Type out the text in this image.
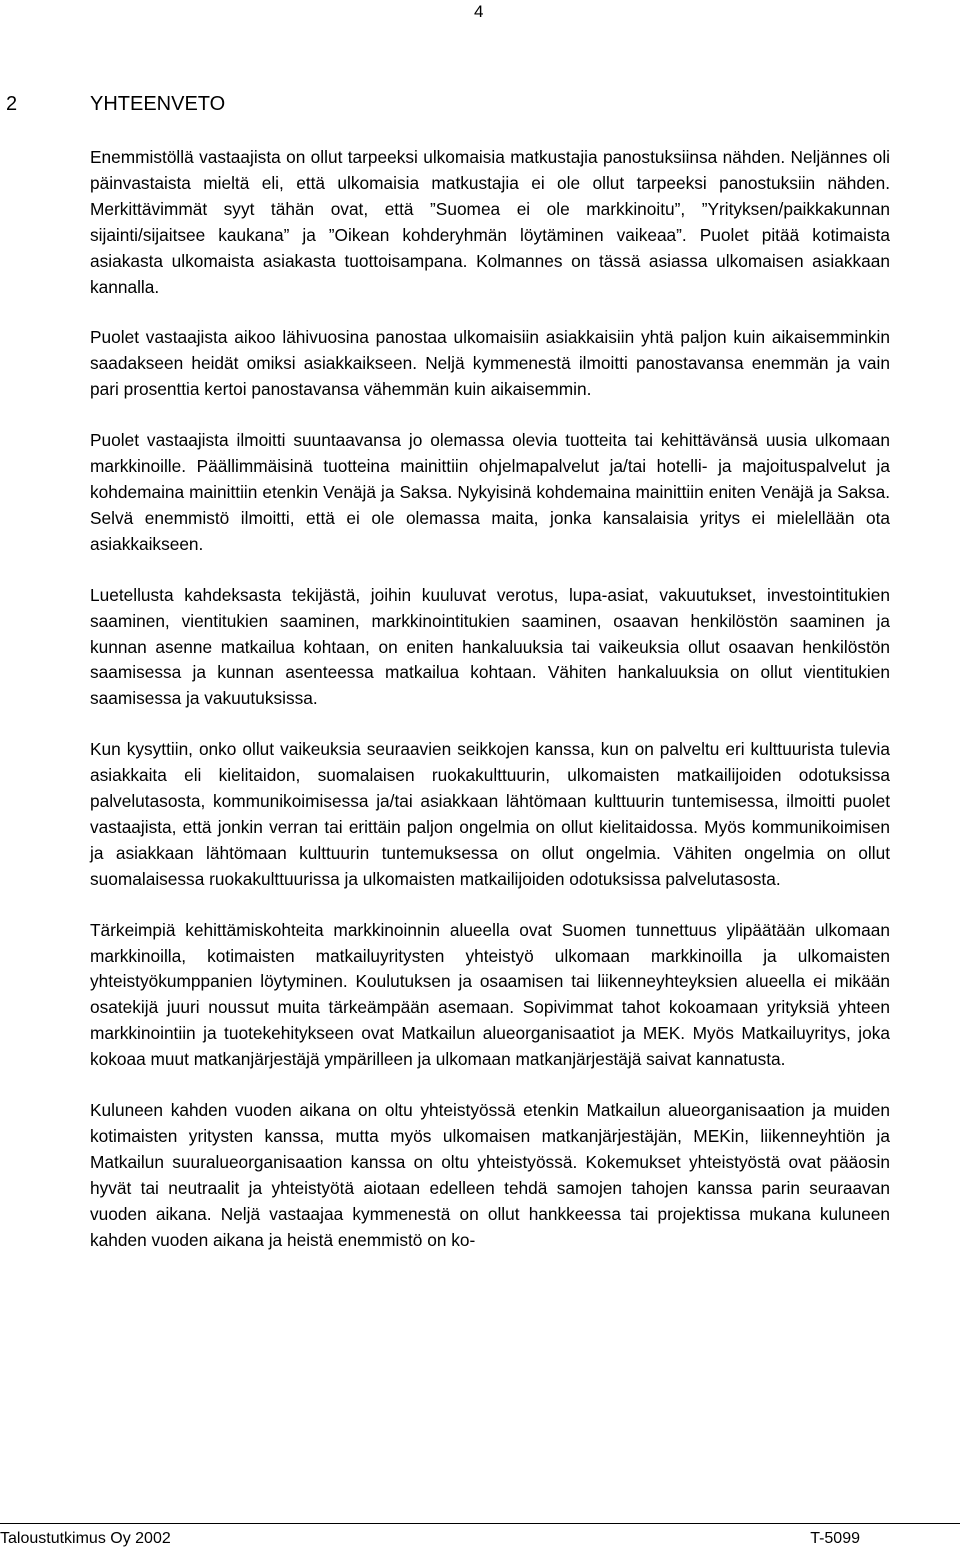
4
2	YHTEENVETO

Enemmistöllä vastaajista on ollut tarpeeksi ulkomaisia matkustajia panostuksiinsa nähden. Neljännes oli päinvastaista mieltä eli, että ulkomaisia matkustajia ei ole ollut tarpeeksi panostuksiin nähden. Merkittävimmät syyt tähän ovat, että ”Suomea ei ole markkinoitu”, ”Yrityksen/paikkakunnan sijainti/sijaitsee kaukana” ja ”Oikean kohderyhmän löytäminen vaikeaa”. Puolet pitää kotimaista asiakasta ulkomaista asiakasta tuottoisampana. Kolmannes on tässä asiassa ulkomaisen asiakkaan kannalla.

Puolet vastaajista aikoo lähivuosina panostaa ulkomaisiin asiakkaisiin yhtä paljon kuin aikaisemminkin saadakseen heidät omiksi asiakkaikseen. Neljä kymmenestä ilmoitti panostavansa enemmän ja vain pari prosenttia kertoi panostavansa vähemmän kuin aikaisemmin.

Puolet vastaajista ilmoitti suuntaavansa jo olemassa olevia tuotteita tai kehittävänsä uusia ulkomaan markkinoille. Päällimmäisinä tuotteina mainittiin ohjelmapalvelut ja/tai hotelli- ja majoituspalvelut ja kohdemaina mainittiin etenkin Venäjä ja Saksa. Nykyisinä kohdemaina mainittiin eniten Venäjä ja Saksa. Selvä enemmistö ilmoitti, että ei ole olemassa maita, jonka kansalaisia yritys ei mielellään ota asiakkaikseen.

Luetellusta kahdeksasta tekijästä, joihin kuuluvat verotus, lupa-asiat, vakuutukset, investointitukien saaminen, vientitukien saaminen, markkinointitukien saaminen, osaavan henkilöstön saaminen ja kunnan asenne matkailua kohtaan, on eniten hankaluuksia tai vaikeuksia ollut osaavan henkilöstön saamisessa ja kunnan asenteessa matkailua kohtaan. Vähiten hankaluuksia on ollut vientitukien saamisessa ja vakuutuksissa.

Kun kysyttiin, onko ollut vaikeuksia seuraavien seikkojen kanssa, kun on palveltu eri kulttuurista tulevia asiakkaita eli kielitaidon, suomalaisen ruokakulttuurin, ulkomaisten matkailijoiden odotuksissa palvelutasosta, kommunikoimisessa ja/tai asiakkaan lähtömaan kulttuurin tuntemisessa, ilmoitti puolet vastaajista, että jonkin verran tai erittäin paljon ongelmia on ollut kielitaidossa. Myös kommunikoimisen ja asiakkaan lähtömaan kulttuurin tuntemuksessa on ollut ongelmia. Vähiten ongelmia on ollut suomalaisessa ruokakulttuurissa ja ulkomaisten matkailijoiden odotuksissa palvelutasosta.

Tärkeimpiä kehittämiskohteita markkinoinnin alueella ovat Suomen tunnettuus ylipäätään ulkomaan markkinoilla, kotimaisten matkailuyritysten yhteistyö ulkomaan markkinoilla ja ulkomaisten yhteistyökumppanien löytyminen. Koulutuksen ja osaamisen tai liikenneyhteyksien alueella ei mikään osatekijä juuri noussut muita tärkeämpään asemaan. Sopivimmat tahot kokoamaan yrityksiä yhteen markkinointiin ja tuotekehitykseen ovat Matkailun alueorganisaatiot ja MEK. Myös Matkailuyritys, joka kokoaa muut matkanjärjestäjä ympärilleen ja ulkomaan matkanjärjestäjä saivat kannatusta.

Kuluneen kahden vuoden aikana on oltu yhteistyössä etenkin Matkailun alueorganisaation ja muiden kotimaisten yritysten kanssa, mutta myös ulkomaisen matkanjärjestäjän, MEKin, liikenneyhtiön ja Matkailun suuralueorganisaation kanssa on oltu yhteistyössä. Kokemukset yhteistyöstä ovat pääosin hyvät tai neutraalit ja yhteistyötä aiotaan edelleen tehdä samojen tahojen kanssa parin seuraavan vuoden aikana. Neljä vastaajaa kymmenestä on ollut hankkeessa tai projektissa mukana kuluneen kahden vuoden aikana ja heistä enemmistö on ko-

Taloustutkimus Oy 2002	T-5099
